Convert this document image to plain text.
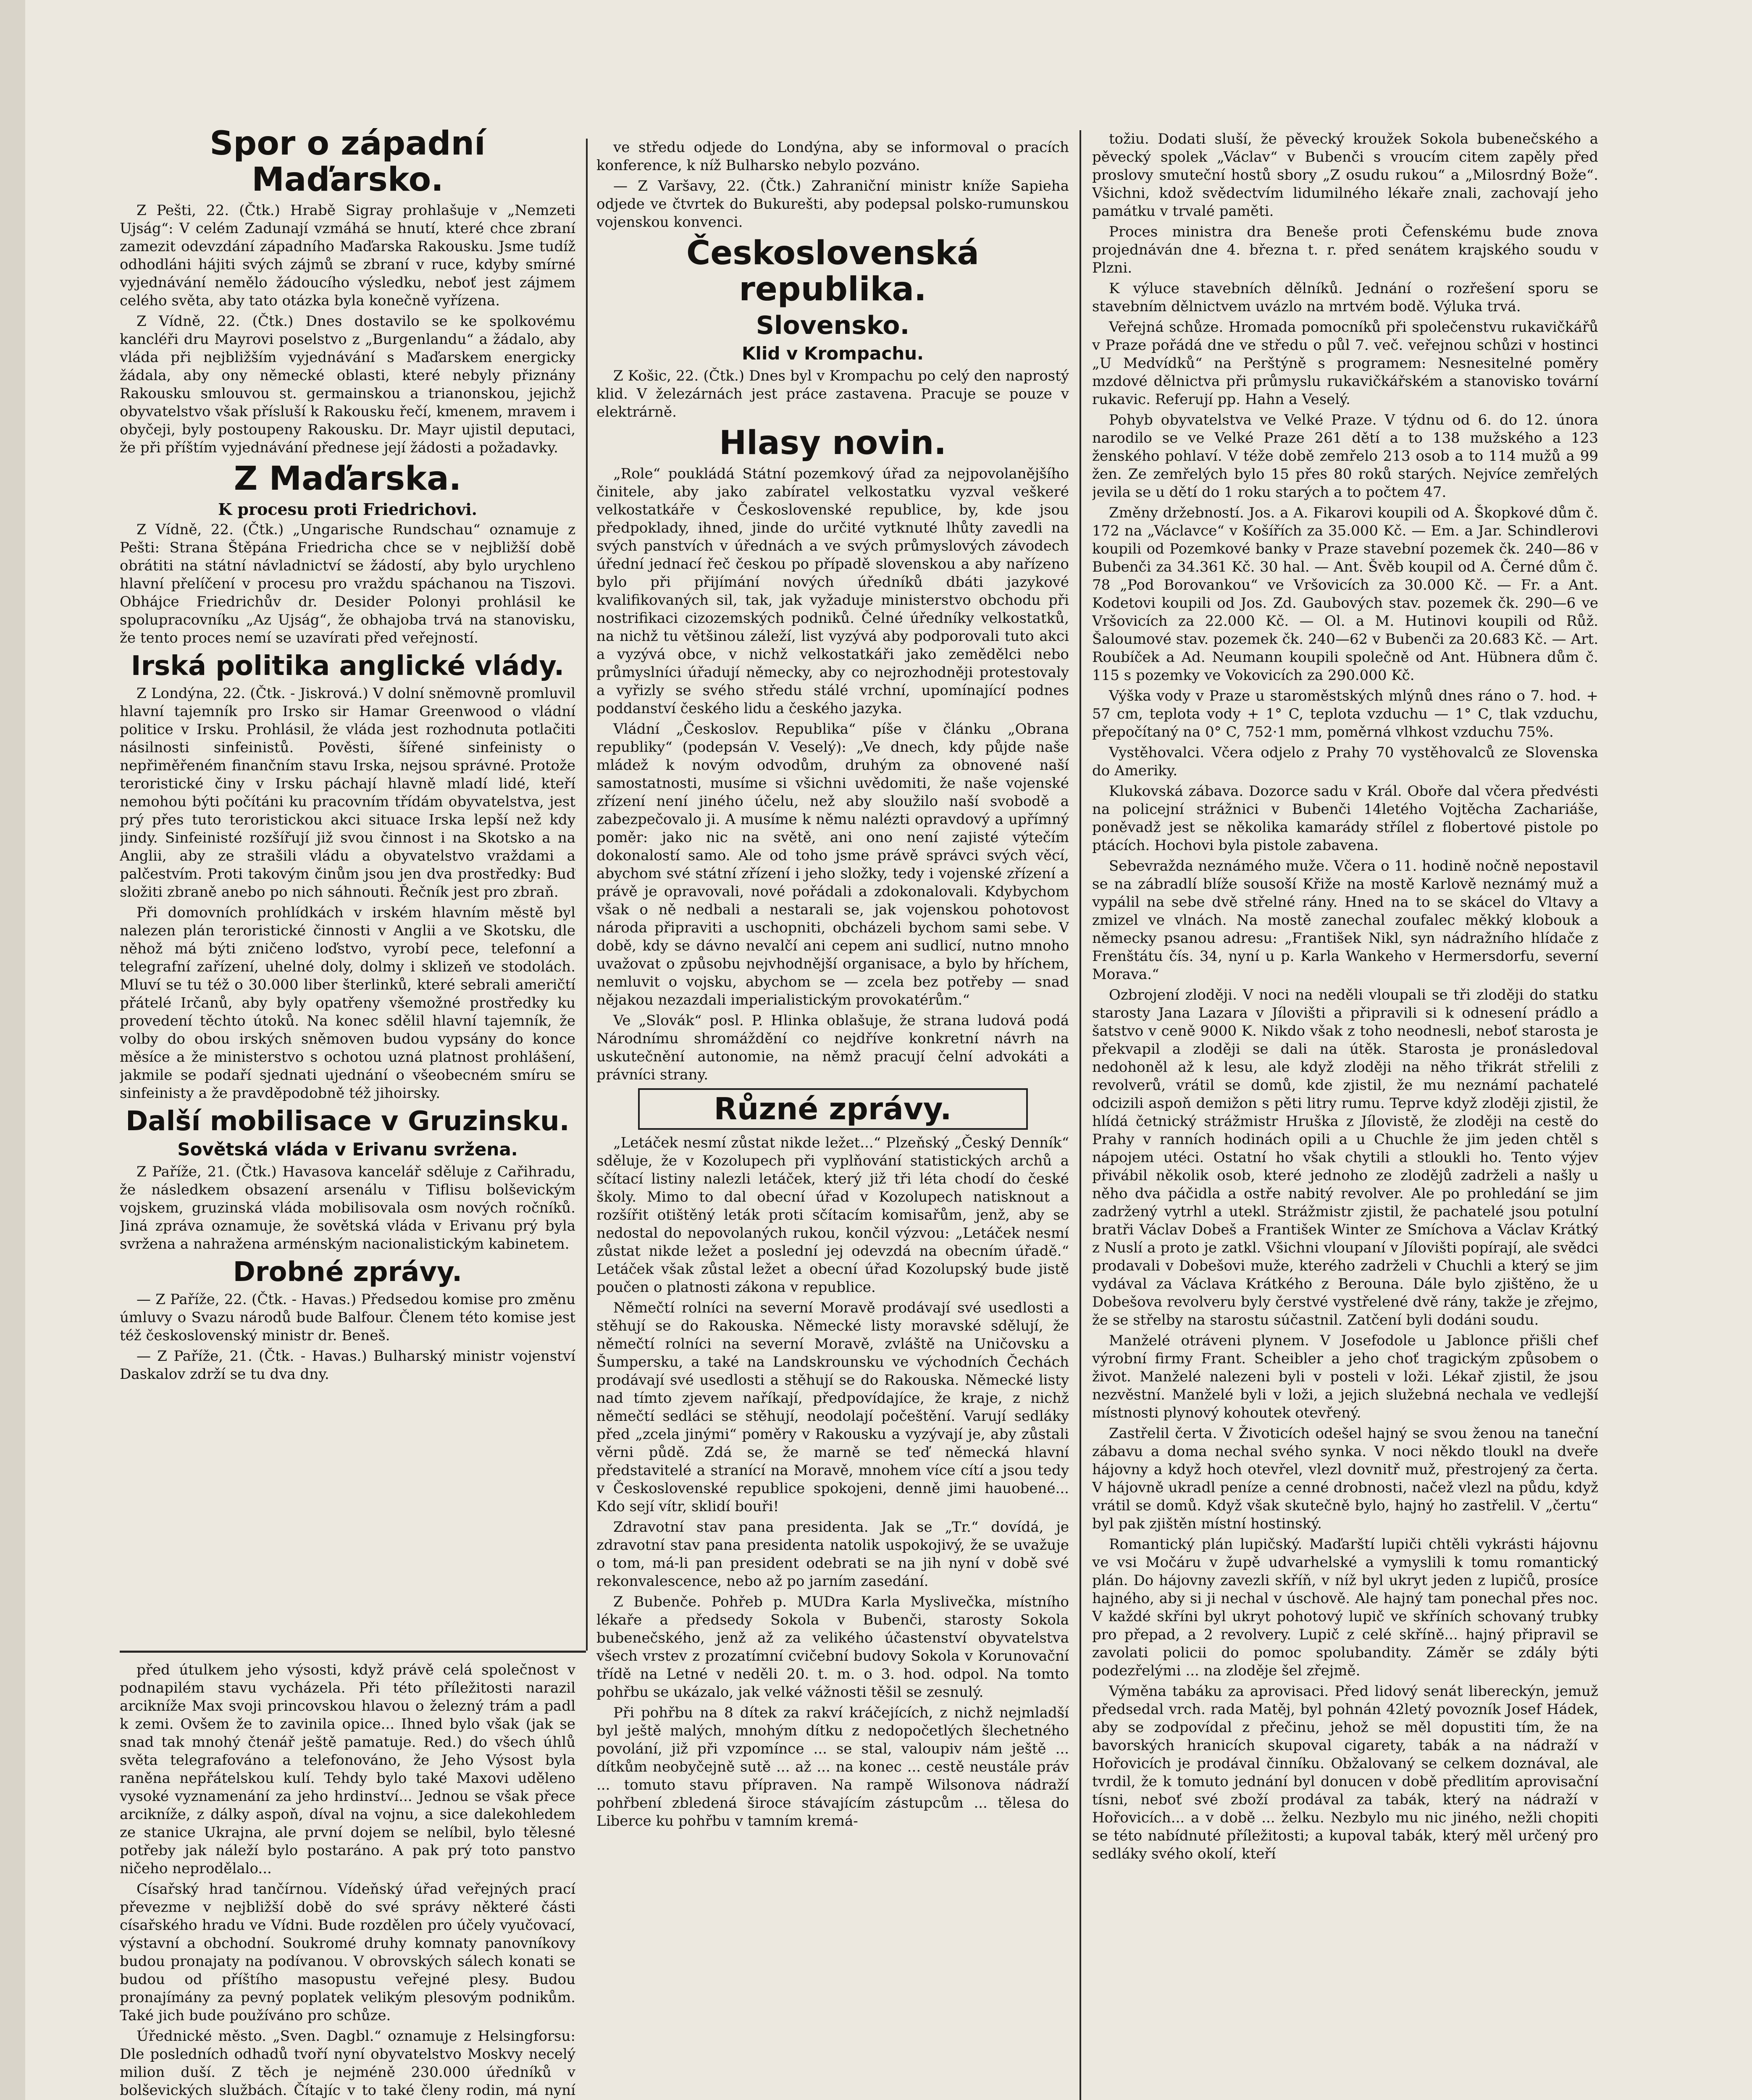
Spor o západní Maďarsko.

Z Pešti, 22. (Čtk.) Hrabě Sigray prohlašuje v „Nemzeti Ujság“: V celém Zadunají vzmáhá se hnutí, které chce zbraní zamezit odevzdání západního Maďarska Rakousku. Jsme tudíž odhodláni hájiti svých zájmů se zbraní v ruce, kdyby smírné vyjednávání nemělo žádoucího výsledku, neboť jest zájmem celého světa, aby tato otázka byla konečně vyřízena.

Z Vídně, 22. (Čtk.) Dnes dostavilo se ke spolkovému kancléři dru Mayrovi poselstvo z „Burgenlandu“ a žádalo, aby vláda při nejbližším vyjednávání s Maďarskem energicky žádala, aby ony německé oblasti, které nebyly přiznány Rakousku smlouvou st. germainskou a trianonskou, jejichž obyvatelstvo však přísluší k Rakousku řečí, kmenem, mravem i obyčeji, byly postoupeny Rakousku. Dr. Mayr ujistil deputaci, že při příštím vyjednávání přednese její žádosti a požadavky.

Z Maďarska.
K procesu proti Friedrichovi.

Z Vídně, 22. (Čtk.) „Ungarische Rundschau“ oznamuje z Pešti: Strana Štěpána Friedricha chce se v nejbližší době obrátiti na státní návladnictví se žádostí, aby bylo urychleno hlavní přelíčení v procesu pro vraždu spáchanou na Tiszovi. Obhájce Friedrichův dr. Desider Polonyi prohlásil ke spolupracovníku „Az Ujság“, že obhajoba trvá na stanovisku, že tento proces nemí se uzavírati před veřejností.

Irská politika anglické vlády.

Z Londýna, 22. (Čtk. - Jiskrová.) V dolní sněmovně promluvil hlavní tajemník pro Irsko sir Hamar Greenwood o vládní politice v Irsku. Prohlásil, že vláda jest rozhodnuta potlačiti násilnosti sinfeinistů. Pověsti, šířené sinfeinisty o nepřiměřeném finančním stavu Irska, nejsou správné. Protože teroristické činy v Irsku páchají hlavně mladí lidé, kteří nemohou býti počítáni ku pracovním třídám obyvatelstva, jest prý přes tuto teroristickou akci situace Irska lepší než kdy jindy. Sinfeinisté rozšířují již svou činnost i na Skotsko a na Anglii, aby ze strašili vládu a obyvatelstvo vraždami a palčestvím. Proti takovým činům jsou jen dva prostředky: Buď složiti zbraně anebo po nich sáhnouti. Řečník jest pro zbraň.

Při domovních prohlídkách v irském hlavním městě byl nalezen plán teroristické činnosti v Anglii a ve Skotsku, dle něhož má býti zničeno loďstvo, vyrobí pece, telefonní a telegrafní zařízení, uhelné doly, dolmy i sklizeň ve stodolách. Mluví se tu též o 30.000 liber šterlinků, které sebrali američtí přátelé Irčanů, aby byly opatřeny všemožné prostředky ku provedení těchto útoků. Na konec sdělil hlavní tajemník, že volby do obou irských sněmoven budou vypsány do konce měsíce a že ministerstvo s ochotou uzná platnost prohlášení, jakmile se podaří sjednati ujednání o všeobecném smíru se sinfeinisty a že pravděpodobně též jihoirsky.

Další mobilisace v Gruzinsku.
Sovětská vláda v Erivanu svržena.

Z Paříže, 21. (Čtk.) Havasova kancelář sděluje z Cařihradu, že následkem obsazení arsenálu v Tiflisu bolševickým vojskem, gruzinská vláda mobilisovala osm nových ročníků. Jiná zpráva oznamuje, že sovětská vláda v Erivanu prý byla svržena a nahražena arménským nacionalistickým kabinetem.

Drobné zprávy.

— Z Paříže, 22. (Čtk. - Havas.) Předsedou komise pro změnu úmluvy o Svazu národů bude Balfour. Členem této komise jest též československý ministr dr. Beneš.

— Z Paříže, 21. (Čtk. - Havas.) Bulharský ministr vojenství Daskalov zdrží se tu dva dny.

ve středu odjede do Londýna, aby se informoval o pracích konference, k níž Bulharsko nebylo pozváno.

— Z Varšavy, 22. (Čtk.) Zahraniční ministr kníže Sapieha odjede ve čtvrtek do Bukurešti, aby podepsal polsko-rumunskou vojenskou konvenci.

Československá republika.
Slovensko.
Klid v Krompachu.

Z Košic, 22. (Čtk.) Dnes byl v Krompachu po celý den naprostý klid. V železárnách jest práce zastavena. Pracuje se pouze v elektrárně.

Hlasy novin.

„Role“ poukládá Státní pozemkový úřad za nejpovolanějšího činitele, aby jako zabíratel velkostatku vyzval veškeré velkostatkáře v Československé republice, by, kde jsou předpoklady, ihned, jinde do určité vytknuté lhůty zavedli na svých panstvích v úřednách a ve svých průmyslových závodech úřední jednací řeč českou po případě slovenskou a aby nařízeno bylo při přijímání nových úředníků dbáti jazykové kvalifikovaných sil, tak, jak vyžaduje ministerstvo obchodu při nostrifikaci cizozemských podniků. Čelné úředníky velkostatků, na nichž tu většinou záleží, list vyzývá aby podporovali tuto akci a vyzývá obce, v nichž velkostatkáři jako zemědělci nebo průmyslníci úřadují německy, aby co nejrozhodněji protestovaly a vyřizly se svého středu stálé vrchní, upomínající podnes poddanství českého lidu a českého jazyka.

Vládní „Českoslov. Republika“ píše v článku „Obrana republiky“ (podepsán V. Veselý): „Ve dnech, kdy půjde naše mládež k novým odvodům, druhým za obnovené naší samostatnosti, musíme si všichni uvědomiti, že naše vojenské zřízení není jiného účelu, než aby sloužilo naší svobodě a zabezpečovalo ji. A musíme k němu nalézti opravdový a upřímný poměr: jako nic na světě, ani ono není zajisté výtečím dokonalostí samo. Ale od toho jsme právě správci svých věcí, abychom své státní zřízení i jeho složky, tedy i vojenské zřízení a právě je opravovali, nové pořádali a zdokonalovali. Kdybychom však o ně nedbali a nestarali se, jak vojenskou pohotovost národa připraviti a uschopniti, obcházeli bychom sami sebe. V době, kdy se dávno nevalčí ani cepem ani sudlicí, nutno mnoho uvažovat o způsobu nejvhodnější organisace, a bylo by hříchem, nemluvit o vojsku, abychom se — zcela bez potřeby — snad nějakou nezazdali imperialistickým provokatérům.“

Ve „Slovák“ posl. P. Hlinka oblašuje, že strana ludová podá Národnímu shromáždění co nejdříve konkretní návrh na uskutečnění autonomie, na němž pracují čelní advokáti a právníci strany.

Různé zprávy.

„Letáček nesmí zůstat nikde ležet...“ Plzeňský „Český Denník“ sděluje, že v Kozolupech při vyplňování statistických archů a sčítací listiny nalezli letáček, který již tři léta chodí do české školy. Mimo to dal obecní úřad v Kozolupech natisknout a rozšířit otištěný leták proti sčítacím komisařům, jenž, aby se nedostal do nepovolaných rukou, končil výzvou: „Letáček nesmí zůstat nikde ležet a poslední jej odevzdá na obecním úřadě.“ Letáček však zůstal ležet a obecní úřad Kozolupský bude jistě poučen o platnosti zákona v republice.

Němečtí rolníci na severní Moravě prodávají své usedlosti a stěhují se do Rakouska. Německé listy moravské sdělují, že němečtí rolníci na severní Moravě, zvláště na Uničovsku a Šumpersku, a také na Landskrounsku ve východních Čechách prodávají své usedlosti a stěhují se do Rakouska. Německé listy nad tímto zjevem naříkají, předpovídajíce, že kraje, z nichž němečtí sedláci se stěhují, neodolají počeštění. Varují sedláky před „zcela jinými“ poměry v Rakousku a vyzývají je, aby zůstali věrni půdě. Zdá se, že marně se teď německá hlavní představitelé a stranící na Moravě, mnohem více cítí a jsou tedy v Československé republice spokojeni, denně jimi hauobené... Kdo sejí vítr, sklidí bouři!

Zdravotní stav pana presidenta. Jak se „Tr.“ dovídá, je zdravotní stav pana presidenta natolik uspokojivý, že se uvažuje o tom, má-li pan president odebrati se na jih nyní v době své rekonvalescence, nebo až po jarním zasedání.

Z Bubenče. Pohřeb p. MUDra Karla Myslivečka, místního lékaře a předsedy Sokola v Bubenči, starosty Sokola bubenečského, jenž až za velikého účastenství obyvatelstva všech vrstev z prozatímní cvičební budovy Sokola v Korunovační třídě na Letné v neděli 20. t. m. o 3. hod. odpol. Na tomto pohřbu se ukázalo, jak velké vážnosti těšil se zesnulý.

Při pohřbu na 8 dítek za rakví kráčejících, z nichž nejmladší byl ještě malých, mnohým dítku z nedopočetlých šlechetného povolání, již při vzpomínce ... se stal, valoupiv nám ještě ... dítkům neobyčejně sutě ... až ... na konec ... cestě neustále práv ... tomuto stavu přípraven. Na rampě Wilsonova nádraží pohřbení zbledená široce stávajícím zástupcům ... tělesa do Liberce ku pohřbu v tamním kremá-

tožiu. Dodati sluší, že pěvecký kroužek Sokola bubenečského a pěvecký spolek „Václav“ v Bubenči s vroucím citem zapěly před proslovy smuteční hostů sbory „Z osudu rukou“ a „Milosrdný Bože“. Všichni, kdož svědectvím lidumilného lékaře znali, zachovají jeho památku v trvalé paměti.

Proces ministra dra Beneše proti Čefenskému bude znova projednáván dne 4. března t. r. před senátem krajského soudu v Plzni.

K výluce stavebních dělníků. Jednání o rozřešení sporu se stavebním dělnictvem uvázlo na mrtvém bodě. Výluka trvá.

Veřejná schůze. Hromada pomocníků při společenstvu rukavičkářů v Praze pořádá dne ve středu o půl 7. več. veřejnou schůzi v hostinci „U Medvídků“ na Perštýně s programem: Nesnesitelné poměry mzdové dělnictva při průmyslu rukavičkářském a stanovisko tovární rukavic. Referují pp. Hahn a Veselý.

Pohyb obyvatelstva ve Velké Praze. V týdnu od 6. do 12. února narodilo se ve Velké Praze 261 dětí a to 138 mužského a 123 ženského pohlaví. V téže době zemřelo 213 osob a to 114 mužů a 99 žen. Ze zemřelých bylo 15 přes 80 roků starých. Nejvíce zemřelých jevila se u dětí do 1 roku starých a to počtem 47.

Změny držebností. Jos. a A. Fikarovi koupili od A. Škopkové dům č. 172 na „Václavce“ v Košířích za 35.000 Kč. — Em. a Jar. Schindlerovi koupili od Pozemkové banky v Praze stavební pozemek čk. 240—86 v Bubenči za 34.361 Kč. 30 hal. — Ant. Švěb koupil od A. Černé dům č. 78 „Pod Borovankou“ ve Vršovicích za 30.000 Kč. — Fr. a Ant. Kodetovi koupili od Jos. Zd. Gaubových stav. pozemek čk. 290—6 ve Vršovicích za 22.000 Kč. — Ol. a M. Hutinovi koupili od Růž. Šaloumové stav. pozemek čk. 240—62 v Bubenči za 20.683 Kč. — Art. Roubíček a Ad. Neumann koupili společně od Ant. Hübnera dům č. 115 s pozemky ve Vokovicích za 290.000 Kč.

Výška vody v Praze u staroměstských mlýnů dnes ráno o 7. hod. + 57 cm, teplota vody + 1° C, teplota vzduchu — 1° C, tlak vzduchu, přepočítaný na 0° C, 752·1 mm, poměrná vlhkost vzduchu 75%.

Vystěhovalci. Včera odjelo z Prahy 70 vystěhovalců ze Slovenska do Ameriky.

Klukovská zábava. Dozorce sadu v Král. Oboře dal včera předvésti na policejní strážnici v Bubenči 14letého Vojtěcha Zachariáše, poněvadž jest se několika kamarády střílel z flobertové pistole po ptácích. Hochovi byla pistole zabavena.

Sebevražda neznámého muže. Včera o 11. hodině nočně nepostavil se na zábradlí blíže sousoší Křiže na mostě Karlově neznámý muž a vypálil na sebe dvě střelné rány. Hned na to se skácel do Vltavy a zmizel ve vlnách. Na mostě zanechal zoufalec měkký klobouk a německy psanou adresu: „František Nikl, syn nádražního hlídače z Frenštátu čís. 34, nyní u p. Karla Wankeho v Hermersdorfu, severní Morava.“

Ozbrojení zloději. V noci na neděli vloupali se tři zloději do statku starosty Jana Lazara v Jílovišti a připravili si k odnesení prádlo a šatstvo v ceně 9000 K. Nikdo však z toho neodnesli, neboť starosta je překvapil a zloději se dali na útěk. Starosta je pronásledoval nedohoněl až k lesu, ale když zloději na něho třikrát střelili z revolverů, vrátil se domů, kde zjistil, že mu neznámí pachatelé odcizili aspoň demižon s pěti litry rumu. Teprve když zloději zjistil, že hlídá četnický strážmistr Hruška z Jílovistě, že zloději na cestě do Prahy v ranních hodinách opili a u Chuchle že jim jeden chtěl s nápojem utéci. Ostatní ho však chytili a stloukli ho. Tento výjev přivábil několik osob, které jednoho ze zlodějů zadrželi a našly u něho dva páčidla a ostře nabitý revolver. Ale po prohledání se jim zadržený vytrhl a utekl. Strážmistr zjistil, že pachatelé jsou potulní bratři Václav Dobeš a František Winter ze Smíchova a Václav Krátký z Nuslí a proto je zatkl. Všichni vloupaní v Jílovišti popírají, ale svědci prodavali v Dobešovi muže, kterého zadrželi v Chuchli a který se jim vydával za Václava Krátkého z Berouna. Dále bylo zjištěno, že u Dobešova revolveru byly čerstvé vystřelené dvě rány, takže je zřejmo, že se střelby na starostu súčastnil. Zatčení byli dodáni soudu.

Manželé otráveni plynem. V Josefodole u Jablonce přišli chef výrobní firmy Frant. Scheibler a jeho choť tragickým způsobem o život. Manželé nalezeni byli v posteli v loži. Lékař zjistil, že jsou nezvěstní. Manželé byli v loži, a jejich služebná nechala ve vedlejší místnosti plynový kohoutek otevřený.

Zastřelil čerta. V Životicích odešel hajný se svou ženou na taneční zábavu a doma nechal svého synka. V noci někdo tloukl na dveře hájovny a když hoch otevřel, vlezl dovnitř muž, přestrojený za čerta. V hájovně ukradl peníze a cenné drobnosti, načež vlezl na půdu, když vrátil se domů. Když však skutečně bylo, hajný ho zastřelil. V „čertu“ byl pak zjištěn místní hostinský.

Romantický plán lupičský. Maďarští lupiči chtěli vykrásti hájovnu ve vsi Močáru v župě udvarhelské a vymyslili k tomu romantický plán. Do hájovny zavezli skříň, v níž byl ukryt jeden z lupičů, prosíce hajného, aby si ji nechal v úschově. Ale hajný tam ponechal přes noc. V každé skříni byl ukryt pohotový lupič ve skříních schovaný trubky pro přepad, a 2 revolvery. Lupič z celé skříně... hajný připravil se zavolati policii do pomoc spolubandity. Záměr se zdály býti podezřelými ... na zloděje šel zřejmě.

Výměna tabáku za aprovisaci. Před lidový senát libereckýn, jemuž předsedal vrch. rada Matěj, byl pohnán 42letý povozník Josef Hádek, aby se zodpovídal z přečinu, jehož se měl dopustiti tím, že na bavorských hranicích skupoval cigarety, tabák a na nádraží v Hořovicích je prodával činníku. Obžalovaný se celkem doznával, ale tvrdil, že k tomuto jednání byl donucen v době předlitím aprovisační tísni, neboť své zboží prodával za tabák, který na nádraží v Hořovicích... a v době ... želku. Nezbylo mu nic jiného, nežli chopiti se této nabídnuté příležitosti; a kupoval tabák, který měl určený pro sedláky svého okolí, kteří

před útulkem jeho výsosti, když právě celá společnost v podnapilém stavu vycházela. Při této příležitosti narazil arcikníže Max svoji princovskou hlavou o železný trám a padl k zemi. Ovšem že to zavinila opice... Ihned bylo však (jak se snad tak mnohý čtenář ještě pamatuje. Red.) do všech úhlů světa telegrafováno a telefonováno, že Jeho Výsost byla raněna nepřátelskou kulí. Tehdy bylo také Maxovi uděleno vysoké vyznamenání za jeho hrdinství... Jednou se však přece arcikníže, z dálky aspoň, díval na vojnu, a sice dalekohledem ze stanice Ukrajna, ale první dojem se nelíbil, bylo tělesné potřeby jak náleží bylo postaráno. A pak prý toto panstvo ničeho neprodělalo...

Císařský hrad tančírnou. Vídeňský úřad veřejných prací převezme v nejbližší době do své správy některé části císařského hradu ve Vídni. Bude rozdělen pro účely vyučovací, výstavní a obchodní. Soukromé druhy komnaty panovníkovy budou pronajaty na podívanou. V obrovských sálech konati se budou od příštího masopustu veřejné plesy. Budou pronajímány za pevný poplatek velikým plesovým podnikům. Také jich bude používáno pro schůze.

Úřednické město. „Sven. Dagbl.“ oznamuje z Helsingforsu: Dle posledních odhadů tvoří nyní obyvatelstvo Moskvy necelý milion duší. Z těch je nejméně 230.000 úředníků v bolševických službách. Čítajíc v to také členy rodin, má nyní
